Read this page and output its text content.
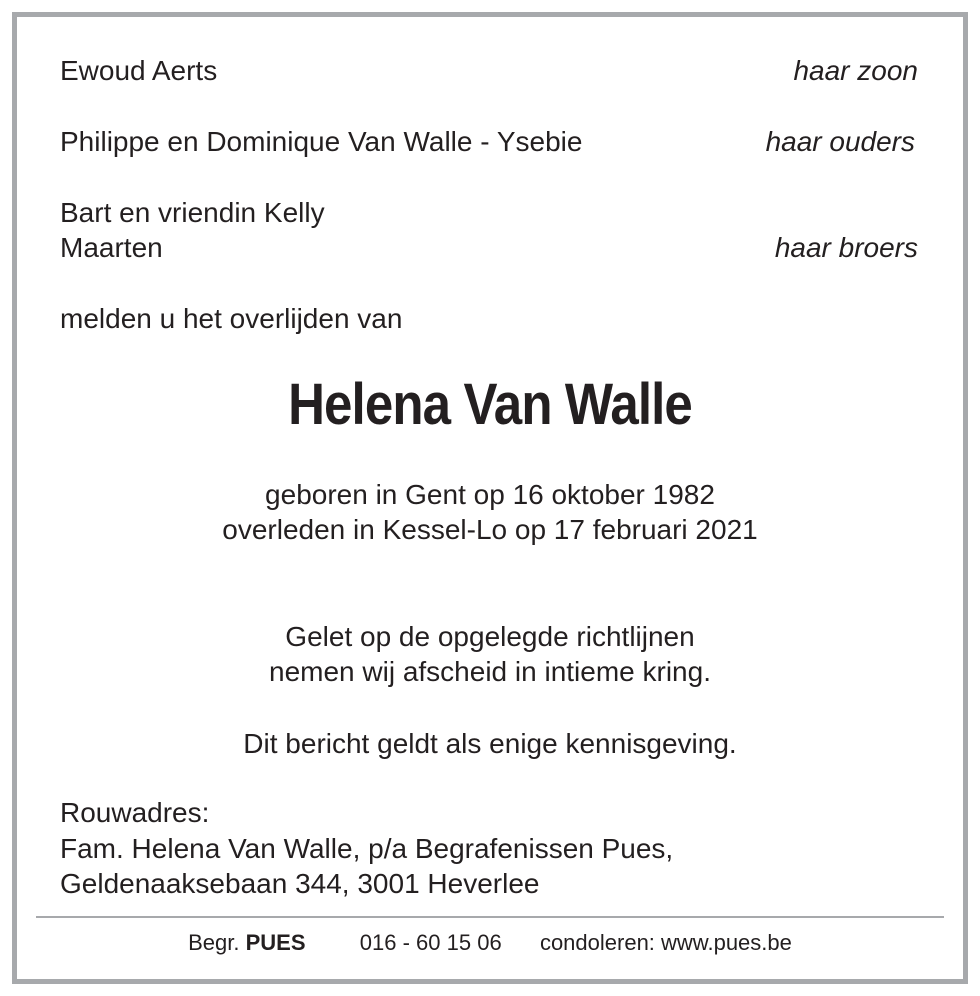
Ewoud Aerts	haar zoon
Philippe en Dominique Van Walle - Ysebie	haar ouders
Bart en vriendin Kelly
Maarten	haar broers
melden u het overlijden van
Helena Van Walle
geboren in Gent op 16 oktober 1982
overleden in Kessel-Lo op 17 februari 2021
Gelet op de opgelegde richtlijnen
nemen wij afscheid in intieme kring.
Dit bericht geldt als enige kennisgeving.
Rouwadres:
Fam. Helena Van Walle, p/a Begrafenissen Pues,
Geldenaaksebaan 344, 3001 Heverlee
Begr. PUES 016 - 60 15 06 condoleren: www.pues.be
